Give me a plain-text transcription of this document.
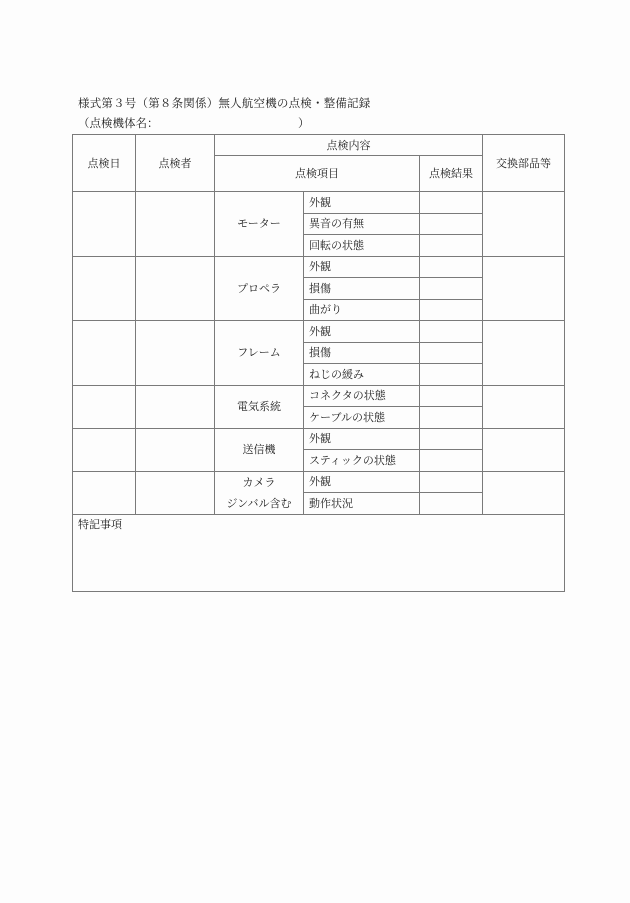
様式第３号（第８条関係）無人航空機の点検・整備記録
（点検機体名：	）
点検日	点検者	点検内容			交換部品等
		点検項目		点検結果	
		モーター	外観		
			異音の有無		
			回転の状態		
		プロペラ	外観		
			損傷		
			曲がり		
		フレーム	外観		
			損傷		
			ねじの緩み		
		電気系統	コネクタの状態		
			ケーブルの状態		
		送信機	外観		
			スティックの状態		
		カメラ	外観		
		ジンバル含む	動作状況		
特記事項					
